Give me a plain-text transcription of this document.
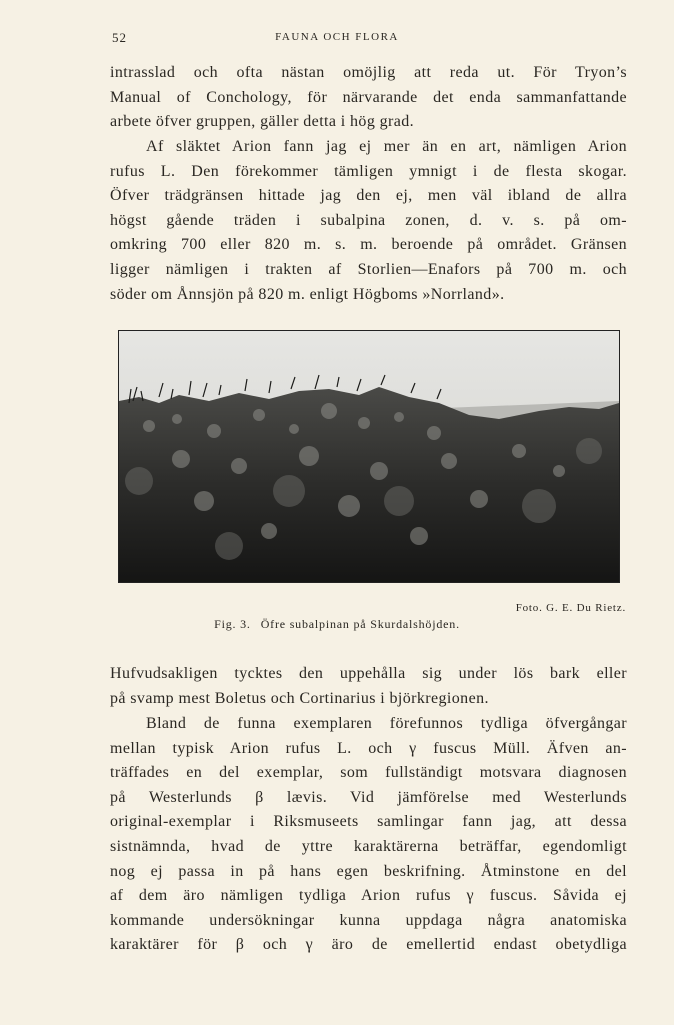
52	FAUNA OCH FLORA

intrasslad och ofta nästan omöjlig att reda ut. För Tryon’s
Manual of Conchology, för närvarande det enda sammanfattande
arbete öfver gruppen, gäller detta i hög grad.

Af släktet Arion fann jag ej mer än en art, nämligen Arion
rufus L. Den förekommer tämligen ymnigt i de flesta skogar.
Öfver trädgränsen hittade jag den ej, men väl ibland de allra
högst gående träden i subalpina zonen, d. v. s. på om-
omkring 700 eller 820 m. s. m. beroende på området. Gränsen
ligger nämligen i trakten af Storlien—Enafors på 700 m. och
söder om Ånnsjön på 820 m. enligt Högboms »Norrland».

Foto. G. E. Du Rietz.
Fig. 3. Öfre subalpinan på Skurdalshöjden.

Hufvudsakligen tycktes den uppehålla sig under lös bark eller
på svamp mest Boletus och Cortinarius i björkregionen.

Bland de funna exemplaren förefunnos tydliga öfvergångar
mellan typisk Arion rufus L. och γ fuscus Müll. Äfven an-
träffades en del exemplar, som fullständigt motsvara diagnosen
på Westerlunds β lævis. Vid jämförelse med Westerlunds
original-exemplar i Riksmuseets samlingar fann jag, att dessa
sistnämnda, hvad de yttre karaktärerna beträffar, egendomligt
nog ej passa in på hans egen beskrifning. Åtminstone en del
af dem äro nämligen tydliga Arion rufus γ fuscus. Såvida ej
kommande undersökningar kunna uppdaga några anatomiska
karaktärer för β och γ äro de emellertid endast obetydliga
